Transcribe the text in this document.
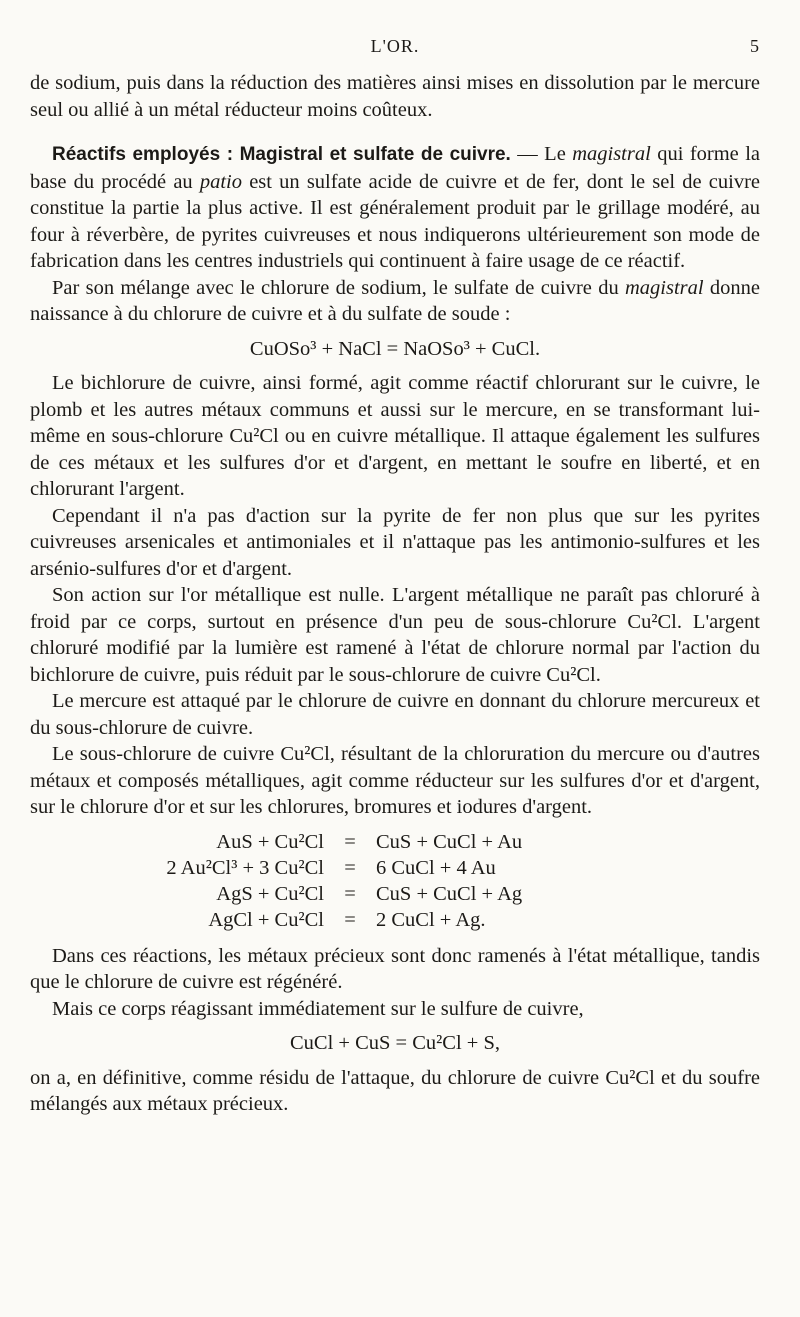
L'OR.	5

de sodium, puis dans la réduction des matières ainsi mises en dissolution par le mercure seul ou allié à un métal réducteur moins coûteux.

Réactifs employés : Magistral et sulfate de cuivre. — Le magistral qui forme la base du procédé au patio est un sulfate acide de cuivre et de fer, dont le sel de cuivre constitue la partie la plus active. Il est généralement produit par le grillage modéré, au four à réverbère, de pyrites cuivreuses et nous indiquerons ultérieurement son mode de fabrication dans les centres industriels qui continuent à faire usage de ce réactif.

Par son mélange avec le chlorure de sodium, le sulfate de cuivre du magistral donne naissance à du chlorure de cuivre et à du sulfate de soude :

CuOSo³ + NaCl = NaOSo³ + CuCl.

Le bichlorure de cuivre, ainsi formé, agit comme réactif chlorurant sur le cuivre, le plomb et les autres métaux communs et aussi sur le mercure, en se transformant lui-même en sous-chlorure Cu²Cl ou en cuivre métallique. Il attaque également les sulfures de ces métaux et les sulfures d'or et d'argent, en mettant le soufre en liberté, et en chlorurant l'argent.

Cependant il n'a pas d'action sur la pyrite de fer non plus que sur les pyrites cuivreuses arsenicales et antimoniales et il n'attaque pas les antimonio-sulfures et les arsénio-sulfures d'or et d'argent.

Son action sur l'or métallique est nulle. L'argent métallique ne paraît pas chloruré à froid par ce corps, surtout en présence d'un peu de sous-chlorure Cu²Cl. L'argent chloruré modifié par la lumière est ramené à l'état de chlorure normal par l'action du bichlorure de cuivre, puis réduit par le sous-chlorure de cuivre Cu²Cl.

Le mercure est attaqué par le chlorure de cuivre en donnant du chlorure mercureux et du sous-chlorure de cuivre.

Le sous-chlorure de cuivre Cu²Cl, résultant de la chloruration du mercure ou d'autres métaux et composés métalliques, agit comme réducteur sur les sulfures d'or et d'argent, sur le chlorure d'or et sur les chlorures, bromures et iodures d'argent.

AuS + Cu²Cl	=	CuS + CuCl + Au
2 Au²Cl³ + 3 Cu²Cl	=	6 CuCl + 4 Au
AgS + Cu²Cl	=	CuS + CuCl + Ag
AgCl + Cu²Cl	=	2 CuCl + Ag.

Dans ces réactions, les métaux précieux sont donc ramenés à l'état métallique, tandis que le chlorure de cuivre est régénéré.

Mais ce corps réagissant immédiatement sur le sulfure de cuivre,

CuCl + CuS = Cu²Cl + S,

on a, en définitive, comme résidu de l'attaque, du chlorure de cuivre Cu²Cl et du soufre mélangés aux métaux précieux.
